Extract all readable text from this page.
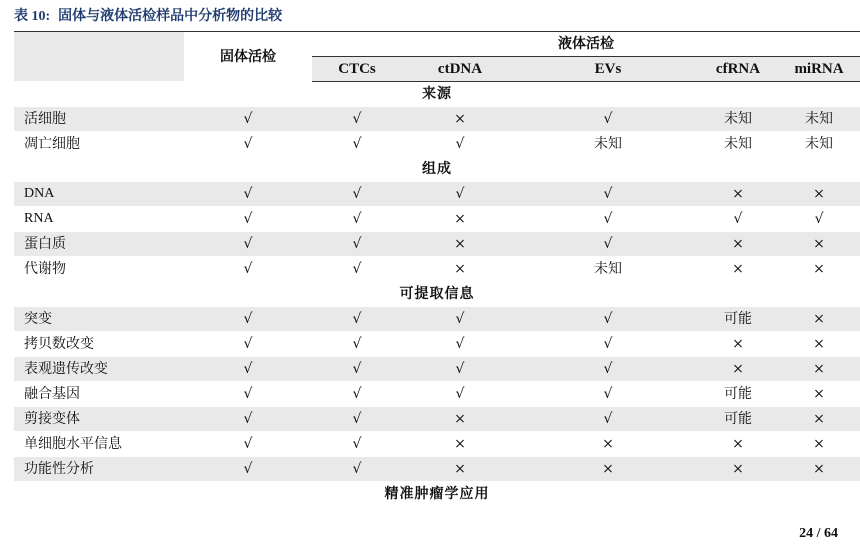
表 10: 固体与液体活检样品中分析物的比较
	固体活检	液体活检				
		CTCs	ctDNA	EVs	cfRNA	miRNA
来源						
活细胞	√	√	×	√	未知	未知
凋亡细胞	√	√	√	未知	未知	未知
组成						
DNA	√	√	√	√	×	×
RNA	√	√	×	√	√	√
蛋白质	√	√	×	√	×	×
代谢物	√	√	×	未知	×	×
可提取信息						
突变	√	√	√	√	可能	×
拷贝数改变	√	√	√	√	×	×
表观遗传改变	√	√	√	√	×	×
融合基因	√	√	√	√	可能	×
剪接变体	√	√	×	√	可能	×
单细胞水平信息	√	√	×	×	×	×
功能性分析	√	√	×	×	×	×
精准肿瘤学应用						
24 / 64
